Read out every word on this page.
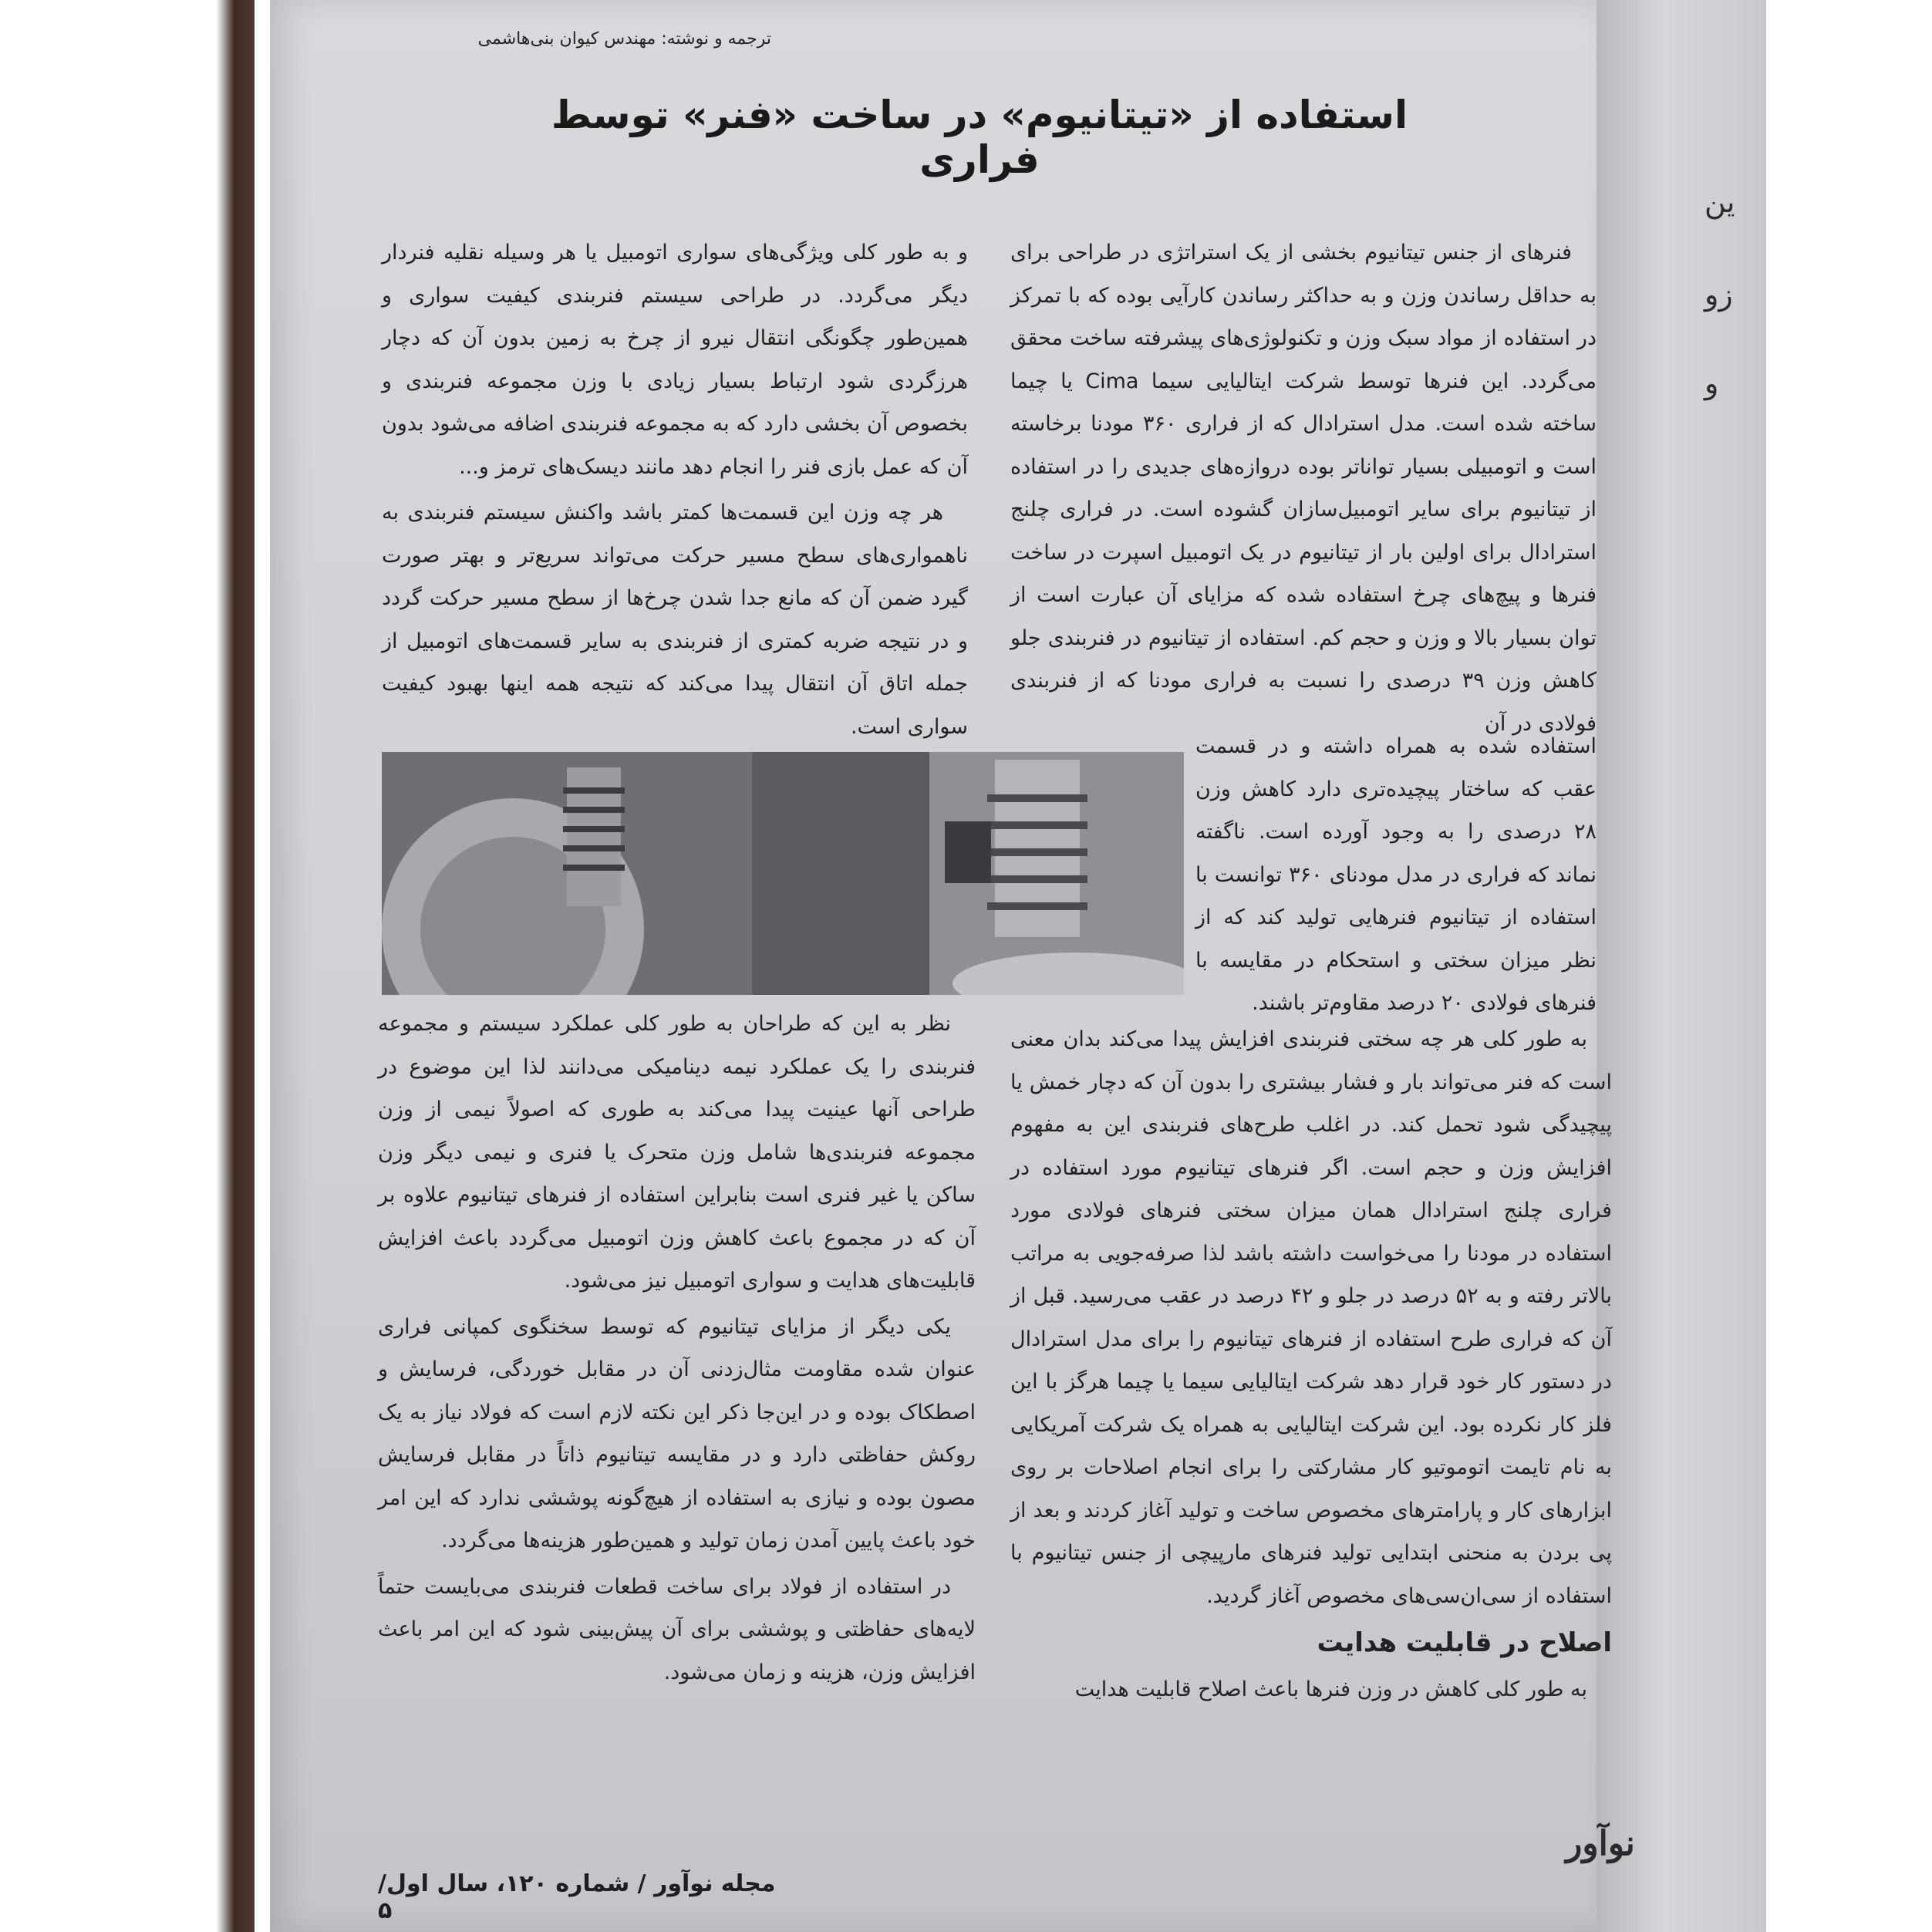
ین
زو
و
ترجمه و نوشته: مهندس کیوان بنی‌هاشمی
استفاده از «تیتانیوم» در ساخت «فنر» توسط فراری

فنرهای از جنس تیتانیوم بخشی از یک استراتژی در طراحی برای به حداقل رساندن وزن و به حداکثر رساندن کارآیی بوده که با تمرکز در استفاده از مواد سبک وزن و تکنولوژی‌های پیشرفته ساخت محقق می‌گردد. این فنرها توسط شرکت ایتالیایی سیما Cima یا چیما ساخته شده است. مدل استرادال که از فراری ۳۶۰ مودنا برخاسته است و اتومبیلی بسیار توانا‌تر بوده دروازه‌های جدیدی را در استفاده از تیتانیوم برای سایر اتومبیل‌سازان گشوده است. در فراری چلنج استرادال برای اولین بار از تیتانیوم در یک اتومبیل اسپرت در ساخت فنرها و پیچ‌های چرخ استفاده شده که مزایای آن عبارت است از توان بسیار بالا و وزن و حجم کم. استفاده از تیتانیوم در فنربندی جلو کاهش وزن ۳۹ درصدی را نسبت به فراری مودنا که از فنربندی فولادی در آن

استفاده شده به همراه داشته و در قسمت عقب که ساختار پیچیده‌تری دارد کاهش وزن ۲۸ درصدی را به وجود آورده است. ناگفته نماند که فراری در مدل مودنای ۳۶۰ توانست با استفاده از تیتانیوم فنرهایی تولید کند که از نظر میزان سختی و استحکام در مقایسه با فنرهای فولادی ۲۰ درصد مقاوم‌تر باشند.

به طور کلی هر چه سختی فنربندی افزایش پیدا می‌کند بدان معنی است که فنر می‌تواند بار و فشار بیشتری را بدون آن که دچار خمش یا پیچیدگی شود تحمل کند. در اغلب طرح‌های فنربندی این به مفهوم افزایش وزن و حجم است. اگر فنرهای تیتانیوم مورد استفاده در فراری چلنج استرادال همان میزان سختی فنرهای فولادی مورد استفاده در مودنا را می‌خواست داشته باشد لذا صرفه‌جویی به مراتب بالاتر رفته و به ۵۲ درصد در جلو و ۴۲ درصد در عقب می‌رسید. قبل از آن که فراری طرح استفاده از فنرهای تیتانیوم را برای مدل استرادال در دستور کار خود قرار دهد شرکت ایتالیایی سیما یا چیما هرگز با این فلز کار نکرده بود. این شرکت ایتالیایی به همراه یک شرکت آمریکایی به نام تایمت اتوموتیو کار مشارکتی را برای انجام اصلاحات بر روی ابزارهای کار و پارامترهای مخصوص ساخت و تولید آغاز کردند و بعد از پی بردن به منحنی ابتدایی تولید فنرهای مارپیچی از جنس تیتانیوم با استفاده از سی‌ان‌سی‌های مخصوص آغاز گردید.

اصلاح در قابلیت هدایت

به طور کلی کاهش در وزن فنرها باعث اصلاح قابلیت هدایت

و به طور کلی ویژگی‌های سواری اتومبیل یا هر وسیله نقلیه فنردار دیگر می‌گردد. در طراحی سیستم فنربندی کیفیت سواری و همین‌طور چگونگی انتقال نیرو از چرخ به زمین بدون آن که دچار هرزگردی شود ارتباط بسیار زیادی با وزن مجموعه فنربندی و بخصوص آن بخشی دارد که به مجموعه فنربندی اضافه می‌شود بدون آن که عمل بازی فنر را انجام دهد مانند دیسک‌های ترمز و...

هر چه وزن این قسمت‌ها کمتر باشد واکنش سیستم فنربندی به ناهمواری‌های سطح مسیر حرکت می‌تواند سریع‌تر و بهتر صورت گیرد ضمن آن که مانع جدا شدن چرخ‌ها از سطح مسیر حرکت گردد و در نتیجه ضربه کمتری از فنربندی به سایر قسمت‌های اتومبیل از جمله اتاق آن انتقال پیدا می‌کند که نتیجه همه اینها بهبود کیفیت سواری است.

نظر به این که طراحان به طور کلی عملکرد سیستم و مجموعه فنربندی را یک عملکرد نیمه دینامیکی می‌دانند لذا این موضوع در طراحی آنها عینیت پیدا می‌کند به طوری که اصولاً نیمی از وزن مجموعه فنربندی‌ها شامل وزن متحرک یا فنری و نیمی دیگر وزن ساکن یا غیر فنری است بنابراین استفاده از فنرهای تیتانیوم علاوه بر آن که در مجموع باعث کاهش وزن اتومبیل می‌گردد باعث افزایش قابلیت‌های هدایت و سواری اتومبیل نیز می‌شود.

یکی دیگر از مزایای تیتانیوم که توسط سخنگوی کمپانی فراری عنوان شده مقاومت مثال‌زدنی آن در مقابل خوردگی، فرسایش و اصطکاک بوده و در این‌جا ذکر این نکته لازم است که فولاد نیاز به یک روکش حفاظتی دارد و در مقایسه تیتانیوم ذاتاً در مقابل فرسایش مصون بوده و نیازی به استفاده از هیچ‌گونه پوششی ندارد که این امر خود باعث پایین آمدن زمان تولید و همین‌طور هزینه‌ها می‌گردد.

در استفاده از فولاد برای ساخت قطعات فنربندی می‌بایست حتماً لایه‌های حفاظتی و پوششی برای آن پیش‌بینی شود که این امر باعث افزایش وزن، هزینه و زمان می‌شود.

نوآور
مجله نوآور / شماره ۱۲۰، سال اول/ ۵
